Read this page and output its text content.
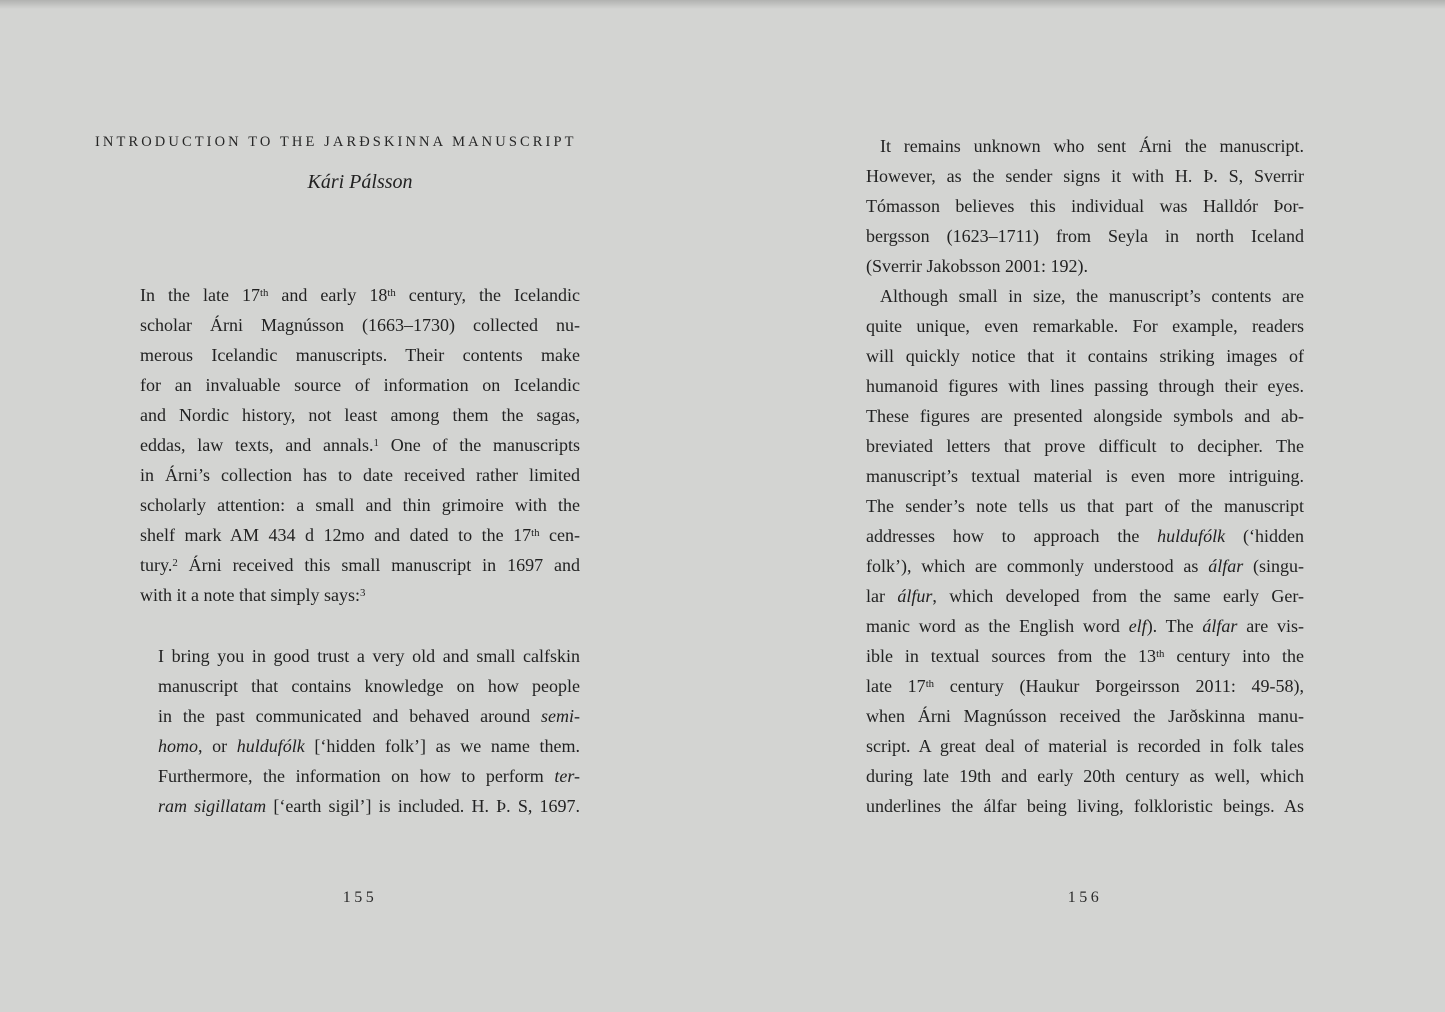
INTRODUCTION TO THE JARÐSKINNA MANUSCRIPT
Kári Pálsson
In the late 17th and early 18th century, the Icelandic
scholar Árni Magnússon (1663–1730) collected nu-
merous Icelandic manuscripts. Their contents make
for an invaluable source of information on Icelandic
and Nordic history, not least among them the sagas,
eddas, law texts, and annals.$^1$ One of the manuscripts
in Árni’s collection has to date received rather limited
scholarly attention: a small and thin grimoire with the
shelf mark AM 434 d 12mo and dated to the 17th cen-
tury.$^2$ Árni received this small manuscript in 1697 and
with it a note that simply says:$^3$
I bring you in good trust a very old and small calfskin
manuscript that contains knowledge on how people
in the past communicated and behaved around semi-
homo, or huldufólk [‘hidden folk’] as we name them.
Furthermore, the information on how to perform ter-
ram sigillatam [‘earth sigil’] is included. H. Þ. S, 1697.
155
It remains unknown who sent Árni the manuscript.
However, as the sender signs it with H. Þ. S, Sverrir
Tómasson believes this individual was Halldór Þor-
bergsson (1623–1711) from Seyla in north Iceland
(Sverrir Jakobsson 2001: 192).
Although small in size, the manuscript’s contents are
quite unique, even remarkable. For example, readers
will quickly notice that it contains striking images of
humanoid figures with lines passing through their eyes.
These figures are presented alongside symbols and ab-
breviated letters that prove difficult to decipher. The
manuscript’s textual material is even more intriguing.
The sender’s note tells us that part of the manuscript
addresses how to approach the huldufólk (‘hidden
folk’), which are commonly understood as álfar (singu-
lar álfur, which developed from the same early Ger-
manic word as the English word elf). The álfar are vis-
ible in textual sources from the 13th century into the
late 17th century (Haukur Þorgeirsson 2011: 49-58),
when Árni Magnússon received the Jarðskinna manu-
script. A great deal of material is recorded in folk tales
during late 19th and early 20th century as well, which
underlines the álfar being living, folkloristic beings. As
156
